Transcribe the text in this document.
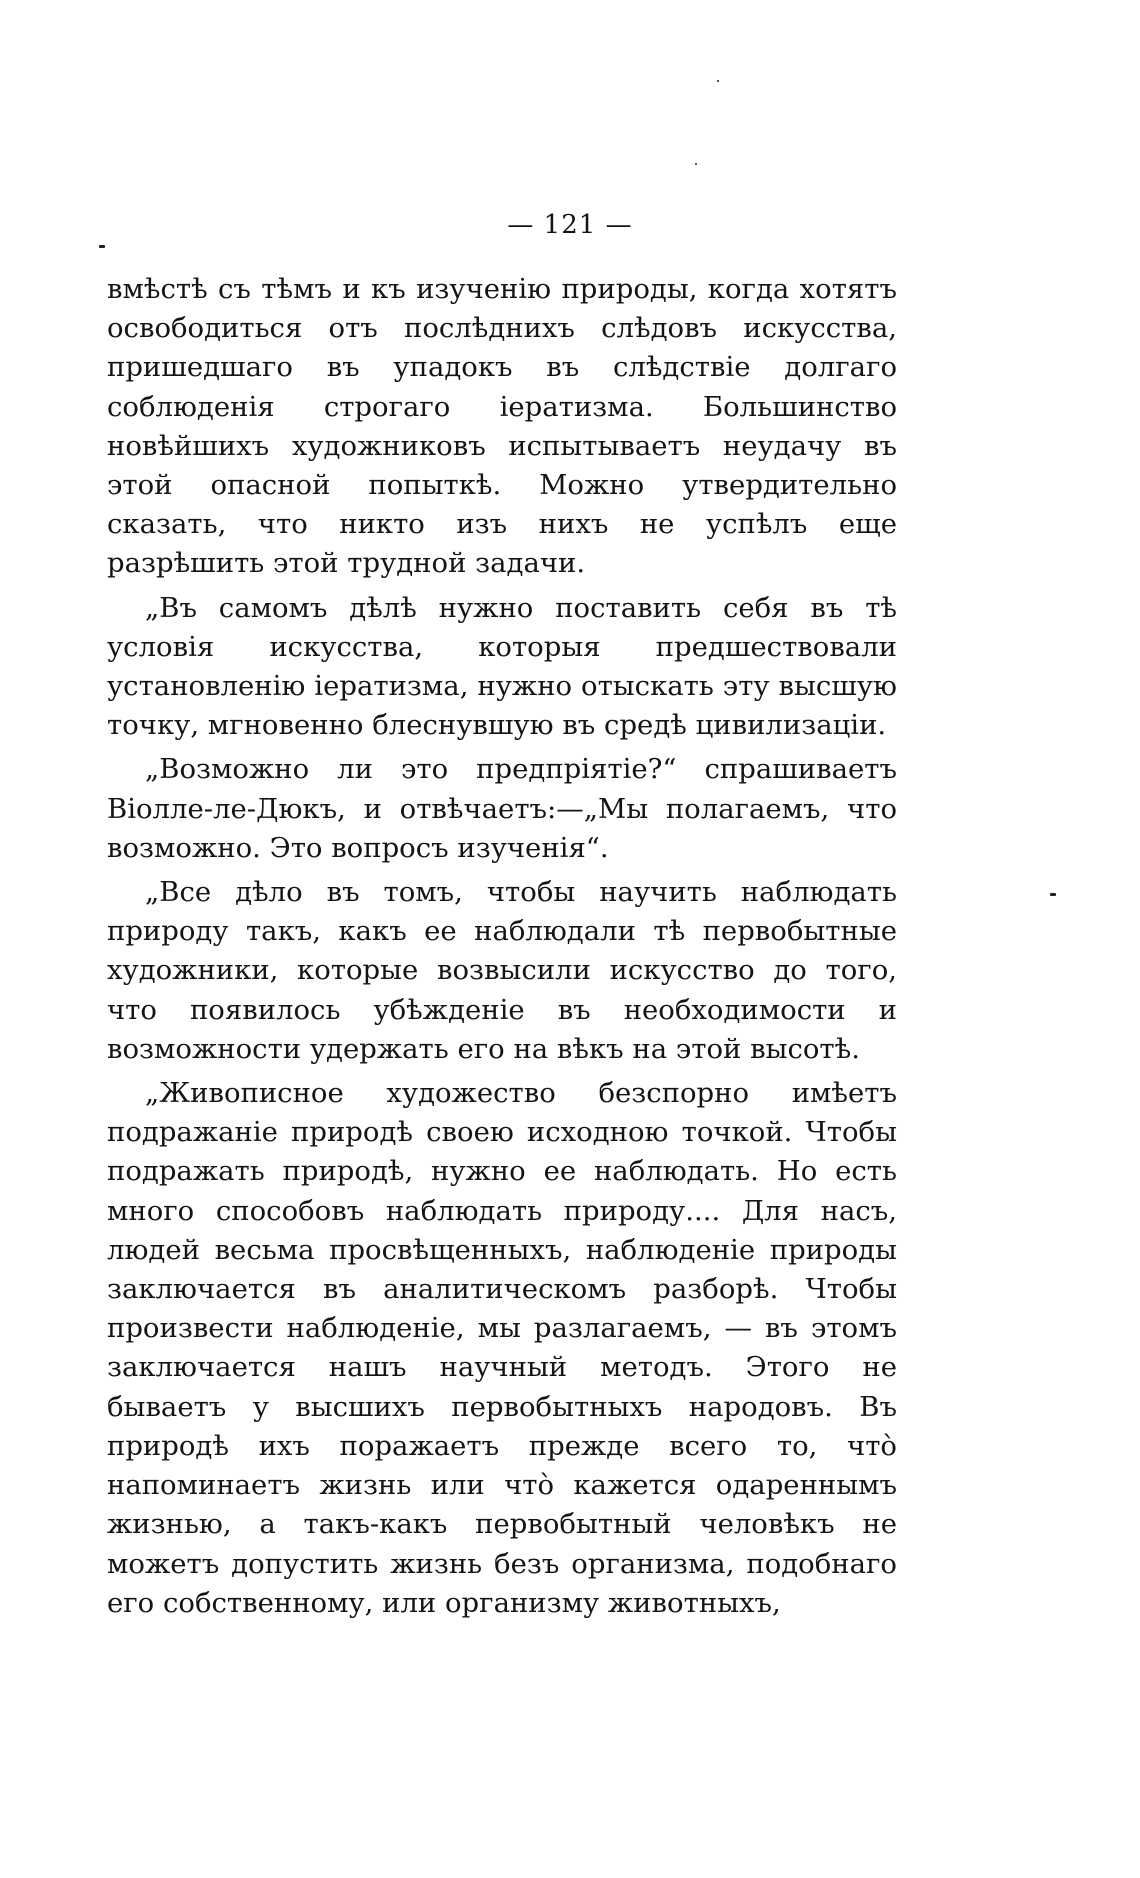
— 121 —

вмѣстѣ съ тѣмъ и къ изученію природы, когда хотятъ освободиться отъ послѣднихъ слѣдовъ искусства, пришедшаго въ упадокъ въ слѣдствіе долгаго соблюденія строгаго іератизма. Большинство новѣйшихъ художниковъ испытываетъ неудачу въ этой опасной попыткѣ. Можно утвердительно сказать, что никто изъ нихъ не успѣлъ еще разрѣшить этой трудной задачи.

„Въ самомъ дѣлѣ нужно поставить себя въ тѣ условія искусства, которыя предшествовали установленію іератизма, нужно отыскать эту высшую точку, мгновенно блеснувшую въ средѣ цивилизаціи.

„Возможно ли это предпріятіе?“ спрашиваетъ Віолле-ле-Дюкъ, и отвѣчаетъ:—„Мы полагаемъ, что возможно. Это вопросъ изученія“.

„Все дѣло въ томъ, чтобы научить наблюдать природу такъ, какъ ее наблюдали тѣ первобытные художники, которые возвысили искусство до того, что появилось убѣжденіе въ необходимости и возможности удержать его на вѣкъ на этой высотѣ.

„Живописное художество безспорно имѣетъ подражаніе природѣ своею исходною точкой. Чтобы подражать природѣ, нужно ее наблюдать. Но есть много способовъ наблюдать природу.... Для насъ, людей весьма просвѣщенныхъ, наблюденіе природы заключается въ аналитическомъ разборѣ. Чтобы произвести наблюденіе, мы разлагаемъ, — въ этомъ заключается нашъ научный методъ. Этого не бываетъ у высшихъ первобытныхъ народовъ. Въ природѣ ихъ поражаетъ прежде всего то, что̀ напоминаетъ жизнь или что̀ кажется одареннымъ жизнью, а такъ-какъ первобытный человѣкъ не можетъ допустить жизнь безъ организма, подобнаго его собственному, или организму животныхъ,
